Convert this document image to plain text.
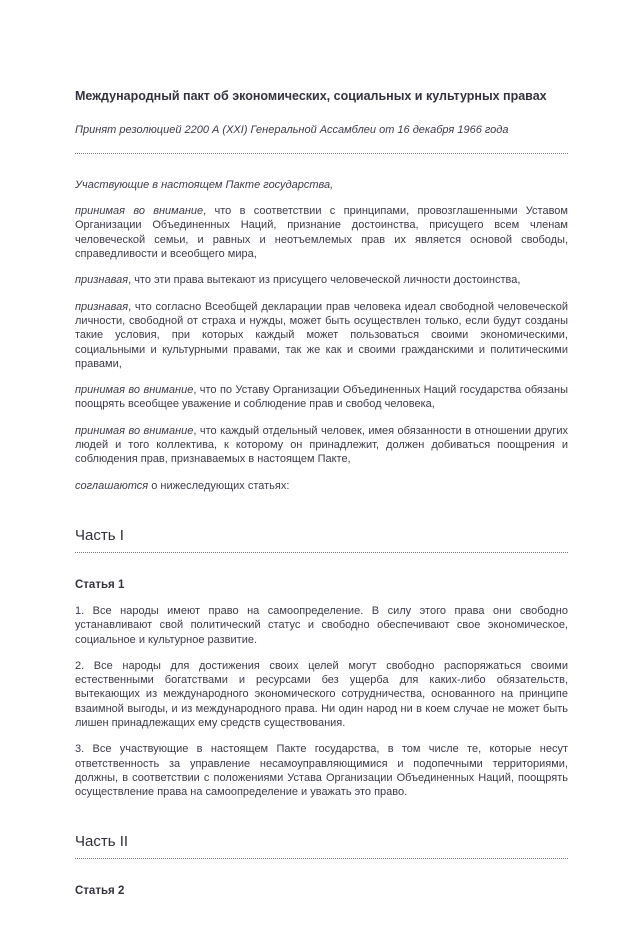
Международный пакт об экономических, социальных и культурных правах

Принят резолюцией 2200 А (XXI) Генеральной Ассамблеи от 16 декабря 1966 года

Участвующие в настоящем Пакте государства,

принимая во внимание, что в соответствии с принципами, провозглашенными Уставом Организации Объединенных Наций, признание достоинства, присущего всем членам человеческой семьи, и равных и неотъемлемых прав их является основой свободы, справедливости и всеобщего мира,

признавая, что эти права вытекают из присущего человеческой личности достоинства,

признавая, что согласно Всеобщей декларации прав человека идеал свободной человеческой личности, свободной от страха и нужды, может быть осуществлен только, если будут созданы такие условия, при которых каждый может пользоваться своими экономическими, социальными и культурными правами, так же как и своими гражданскими и политическими правами,

принимая во внимание, что по Уставу Организации Объединенных Наций государства обязаны поощрять всеобщее уважение и соблюдение прав и свобод человека,

принимая во внимание, что каждый отдельный человек, имея обязанности в отношении других людей и того коллектива, к которому он принадлежит, должен добиваться поощрения и соблюдения прав, признаваемых в настоящем Пакте,

соглашаются о нижеследующих статьях:

Часть I
Статья 1

1. Все народы имеют право на самоопределение. В силу этого права они свободно устанавливают свой политический статус и свободно обеспечивают свое экономическое, социальное и культурное развитие.

2. Все народы для достижения своих целей могут свободно распоряжаться своими естественными богатствами и ресурсами без ущерба для каких-либо обязательств, вытекающих из международного экономического сотрудничества, основанного на принципе взаимной выгоды, и из международного права. Ни один народ ни в коем случае не может быть лишен принадлежащих ему средств существования.

3. Все участвующие в настоящем Пакте государства, в том числе те, которые несут ответственность за управление несамоуправляющимися и подопечными территориями, должны, в соответствии с положениями Устава Организации Объединенных Наций, поощрять осуществление права на самоопределение и уважать это право.

Часть II
Статья 2
